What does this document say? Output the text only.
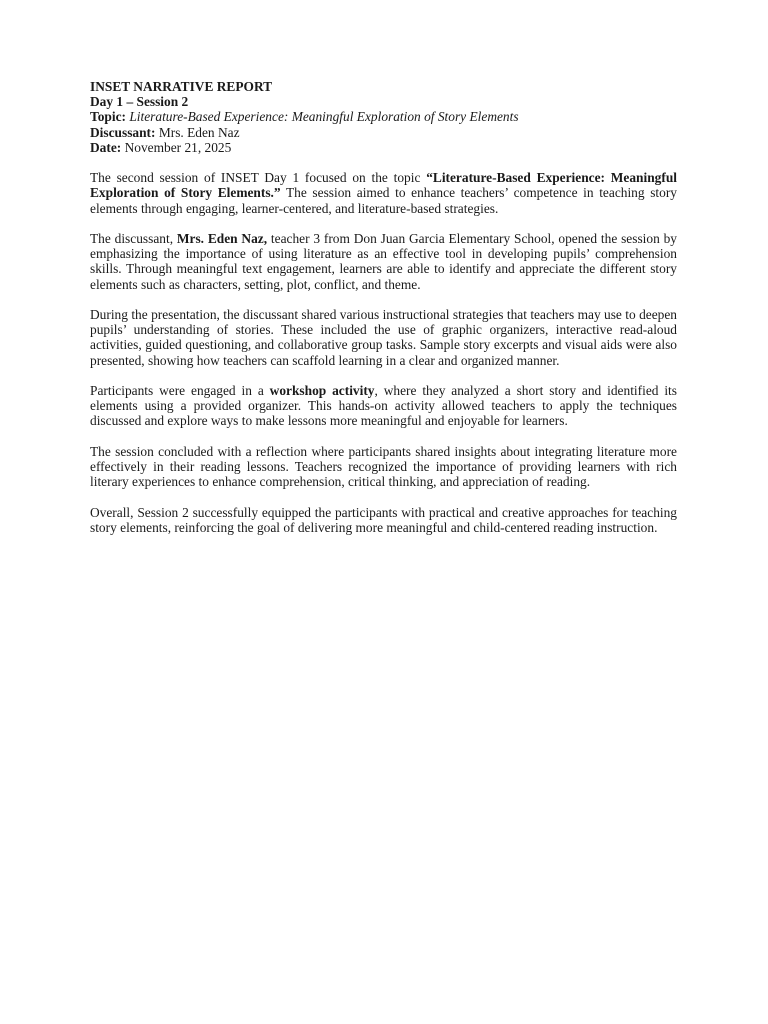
INSET NARRATIVE REPORT
Day 1 – Session 2
Topic: Literature-Based Experience: Meaningful Exploration of Story Elements
Discussant: Mrs. Eden Naz
Date: November 21, 2025

The second session of INSET Day 1 focused on the topic “Literature-Based Experience: Meaningful Exploration of Story Elements.” The session aimed to enhance teachers’ competence in teaching story elements through engaging, learner-centered, and literature-based strategies.

The discussant, Mrs. Eden Naz, teacher 3 from Don Juan Garcia Elementary School, opened the session by emphasizing the importance of using literature as an effective tool in developing pupils’ comprehension skills. Through meaningful text engagement, learners are able to identify and appreciate the different story elements such as characters, setting, plot, conflict, and theme.

During the presentation, the discussant shared various instructional strategies that teachers may use to deepen pupils’ understanding of stories. These included the use of graphic organizers, interactive read-aloud activities, guided questioning, and collaborative group tasks. Sample story excerpts and visual aids were also presented, showing how teachers can scaffold learning in a clear and organized manner.

Participants were engaged in a workshop activity, where they analyzed a short story and identified its elements using a provided organizer. This hands-on activity allowed teachers to apply the techniques discussed and explore ways to make lessons more meaningful and enjoyable for learners.

The session concluded with a reflection where participants shared insights about integrating literature more effectively in their reading lessons. Teachers recognized the importance of providing learners with rich literary experiences to enhance comprehension, critical thinking, and appreciation of reading.

Overall, Session 2 successfully equipped the participants with practical and creative approaches for teaching story elements, reinforcing the goal of delivering more meaningful and child-centered reading instruction.
